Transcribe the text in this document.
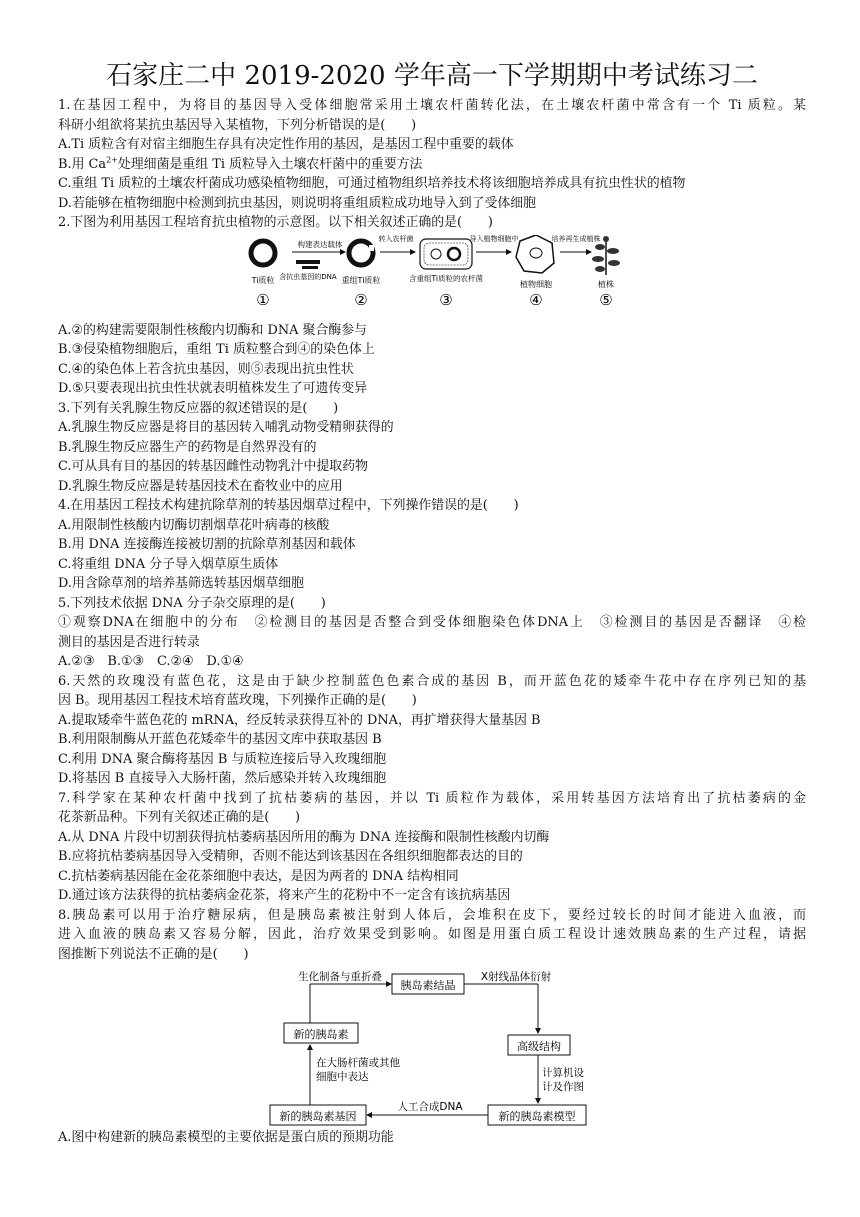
石家庄二中 2019-2020 学年高一下学期期中考试练习二
1.在基因工程中，为将目的基因导入受体细胞常采用土壤农杆菌转化法，在土壤农杆菌中常含有一个 Ti 质粒。某
科研小组欲将某抗虫基因导入某植物，下列分析错误的是(　　)
A.Ti 质粒含有对宿主细胞生存具有决定性作用的基因，是基因工程中重要的载体
B.用 $Ca^{2+}$处理细菌是重组 Ti 质粒导入土壤农杆菌中的重要方法
C.重组 Ti 质粒的土壤农杆菌成功感染植物细胞，可通过植物组织培养技术将该细胞培养成具有抗虫性状的植物
D.若能够在植物细胞中检测到抗虫基因，则说明将重组质粒成功地导入到了受体细胞
2.下图为利用基因工程培育抗虫植物的示意图。以下相关叙述正确的是(　　)
Ti质粒
①
构建表达载体
含抗虫基因的DNA 重组Ti质粒
②
转入农杆菌
含重组Ti质粒的农杆菌
③
导入植物细胞中
植物细胞
④
培养再生成植株
植株
⑤
A.②的构建需要限制性核酸内切酶和 DNA 聚合酶参与
B.③侵染植物细胞后，重组 Ti 质粒整合到④的染色体上
C.④的染色体上若含抗虫基因，则⑤表现出抗虫性状
D.⑤只要表现出抗虫性状就表明植株发生了可遗传变异
3.下列有关乳腺生物反应器的叙述错误的是(　　)
A.乳腺生物反应器是将目的基因转入哺乳动物受精卵获得的
B.乳腺生物反应器生产的药物是自然界没有的
C.可从具有目的基因的转基因雌性动物乳汁中提取药物
D.乳腺生物反应器是转基因技术在畜牧业中的应用
4.在用基因工程技术构建抗除草剂的转基因烟草过程中，下列操作错误的是(　　)
A.用限制性核酸内切酶切割烟草花叶病毒的核酸
B.用 DNA 连接酶连接被切割的抗除草剂基因和载体
C.将重组 DNA 分子导入烟草原生质体
D.用含除草剂的培养基筛选转基因烟草细胞
5.下列技术依据 DNA 分子杂交原理的是(　　)
①观察DNA在细胞中的分布　②检测目的基因是否整合到受体细胞染色体DNA上　③检测目的基因是否翻译　④检
测目的基因是否进行转录
A.②③　B.①③　C.②④　D.①④
6.天然的玫瑰没有蓝色花，这是由于缺少控制蓝色色素合成的基因 B，而开蓝色花的矮牵牛花中存在序列已知的基
因 B。现用基因工程技术培育蓝玫瑰，下列操作正确的是(　　)
A.提取矮牵牛蓝色花的 mRNA，经反转录获得互补的 DNA，再扩增获得大量基因 B
B.利用限制酶从开蓝色花矮牵牛的基因文库中获取基因 B
C.利用 DNA 聚合酶将基因 B 与质粒连接后导入玫瑰细胞
D.将基因 B 直接导入大肠杆菌，然后感染并转入玫瑰细胞
7.科学家在某种农杆菌中找到了抗枯萎病的基因，并以 Ti 质粒作为载体，采用转基因方法培育出了抗枯萎病的金
花茶新品种。下列有关叙述正确的是(　　)
A.从 DNA 片段中切割获得抗枯萎病基因所用的酶为 DNA 连接酶和限制性核酸内切酶
B.应将抗枯萎病基因导入受精卵，否则不能达到该基因在各组织细胞都表达的目的
C.抗枯萎病基因能在金花茶细胞中表达，是因为两者的 DNA 结构相同
D.通过该方法获得的抗枯萎病金花茶，将来产生的花粉中不一定含有该抗病基因
8.胰岛素可以用于治疗糖尿病，但是胰岛素被注射到人体后，会堆积在皮下，要经过较长的时间才能进入血液，而
进入血液的胰岛素又容易分解，因此，治疗效果受到影响。如图是用蛋白质工程设计速效胰岛素的生产过程，请据
图推断下列说法不正确的是(　　)
胰岛素结晶
生化制备与重折叠	X射线晶体衍射
高级结构
计算机设
计及作图
新的胰岛素模型
人工合成DNA
新的胰岛素基因
在大肠杆菌或其他
细胞中表达
新的胰岛素
A.图中构建新的胰岛素模型的主要依据是蛋白质的预期功能
